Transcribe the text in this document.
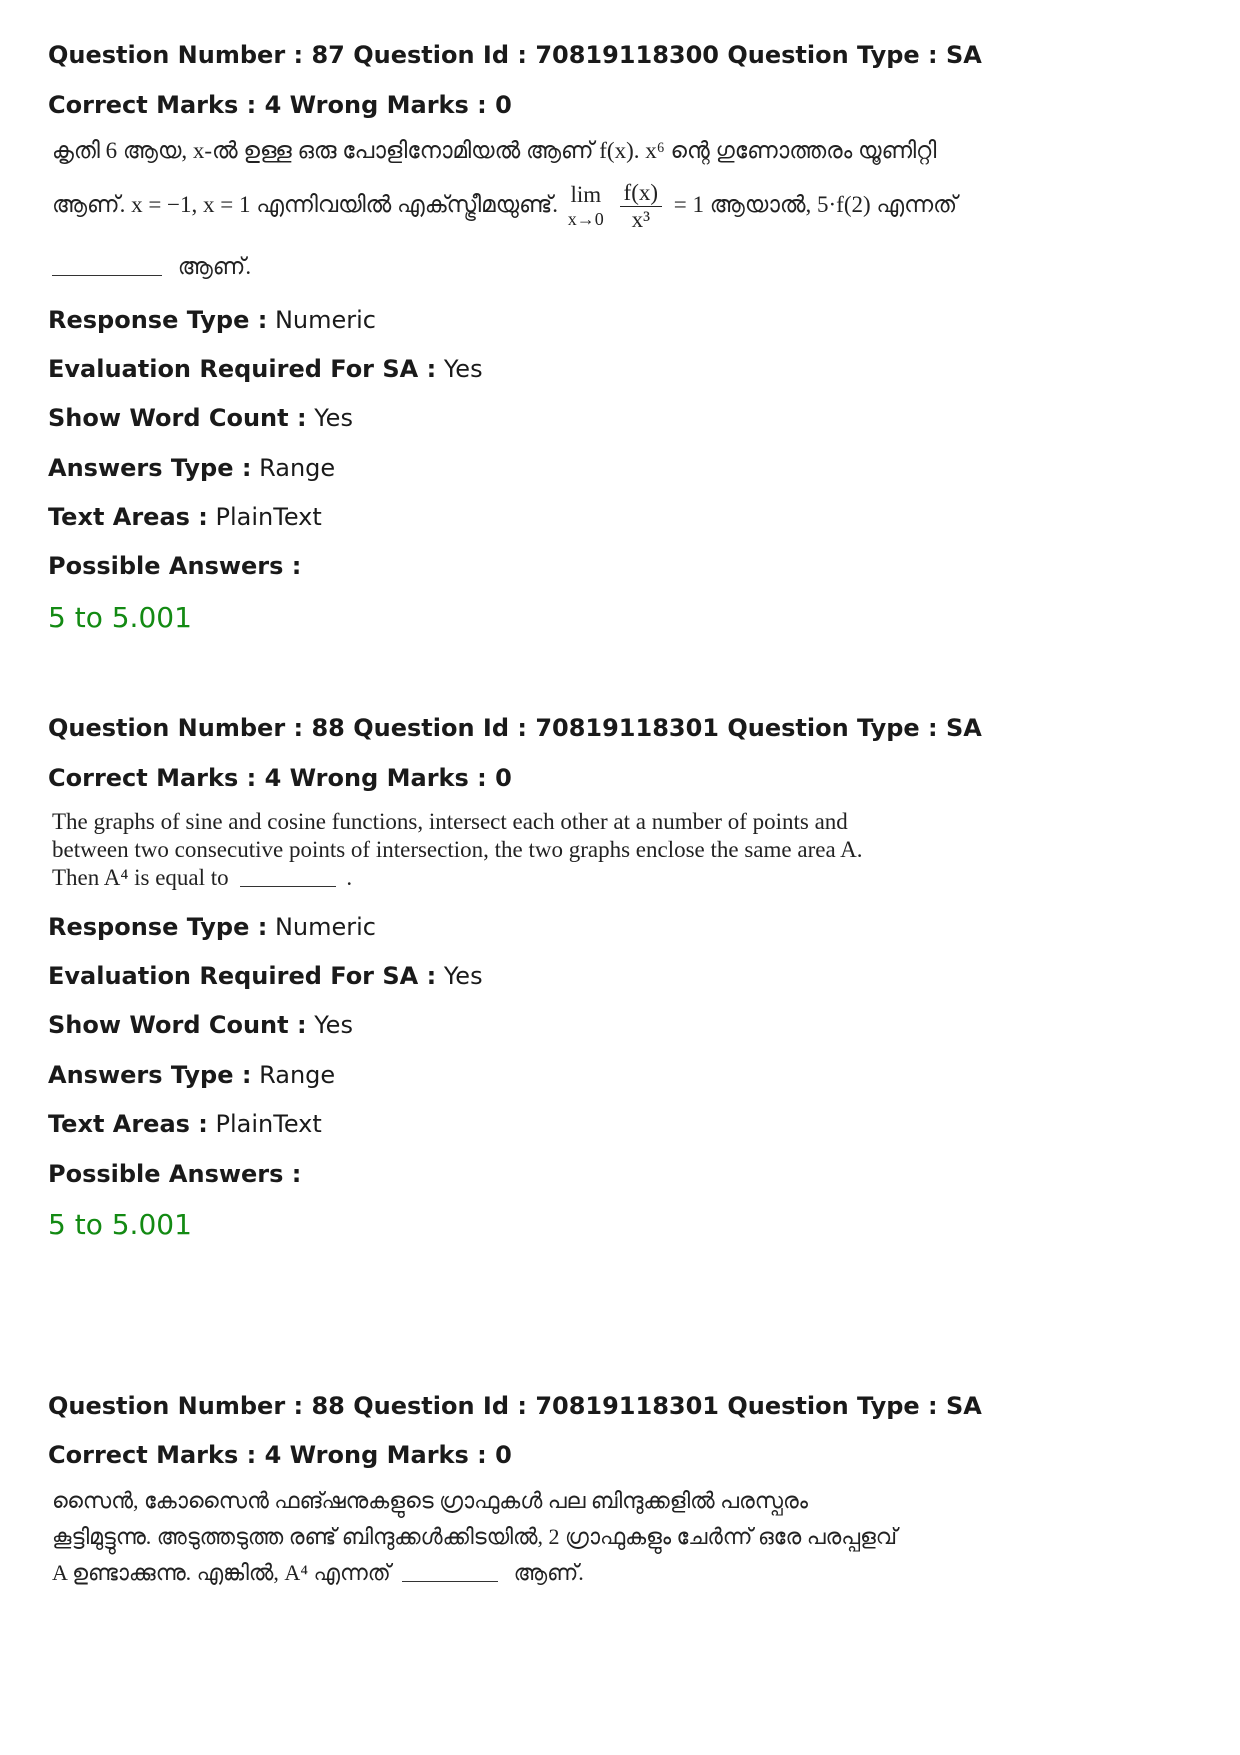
Question Number : 87 Question Id : 70819118300 Question Type : SA

Correct Marks : 4 Wrong Marks : 0

കൃതി 6 ആയ, x-ൽ ഉള്ള ഒരു പോളിനോമിയൽ ആണ് f(x). x⁶ ന്റെ ഗുണോത്തരം യൂണിറ്റി
ആണ്. x = −1, x = 1 എന്നിവയിൽ എക്സ്ട്രീമയുണ്ട്. lim
x→0
$\frac{f(x)}{\text{x³}} = 1$ ആയാൽ, 5·f(2) എന്നത്
ആണ്.
Response Type : Numeric
Evaluation Required For SA : Yes
Show Word Count : Yes
Answers Type : Range
Text Areas : PlainText
Possible Answers :
5 to 5.001

Question Number : 88 Question Id : 70819118301 Question Type : SA

Correct Marks : 4 Wrong Marks : 0

The graphs of sine and cosine functions, intersect each other at a number of points and
between two consecutive points of intersection, the two graphs enclose the same area A.
Then A⁴ is equal to	.
Response Type : Numeric
Evaluation Required For SA : Yes
Show Word Count : Yes
Answers Type : Range
Text Areas : PlainText
Possible Answers :
5 to 5.001

Question Number : 88 Question Id : 70819118301 Question Type : SA

Correct Marks : 4 Wrong Marks : 0

സൈൻ, കോസൈൻ ഫങ്ഷനുകളുടെ ഗ്രാഫുകൾ പല ബിന്ദുക്കളിൽ പരസ്പരം
കൂട്ടിമുട്ടുന്നു. അടുത്തടുത്ത രണ്ട് ബിന്ദുക്കൾക്കിടയിൽ, 2 ഗ്രാഫുകളും ചേർന്ന് ഒരേ പരപ്പളവ്
A ഉണ്ടാക്കുന്നു. എങ്കിൽ, A⁴ എന്നത്	ആണ്.
